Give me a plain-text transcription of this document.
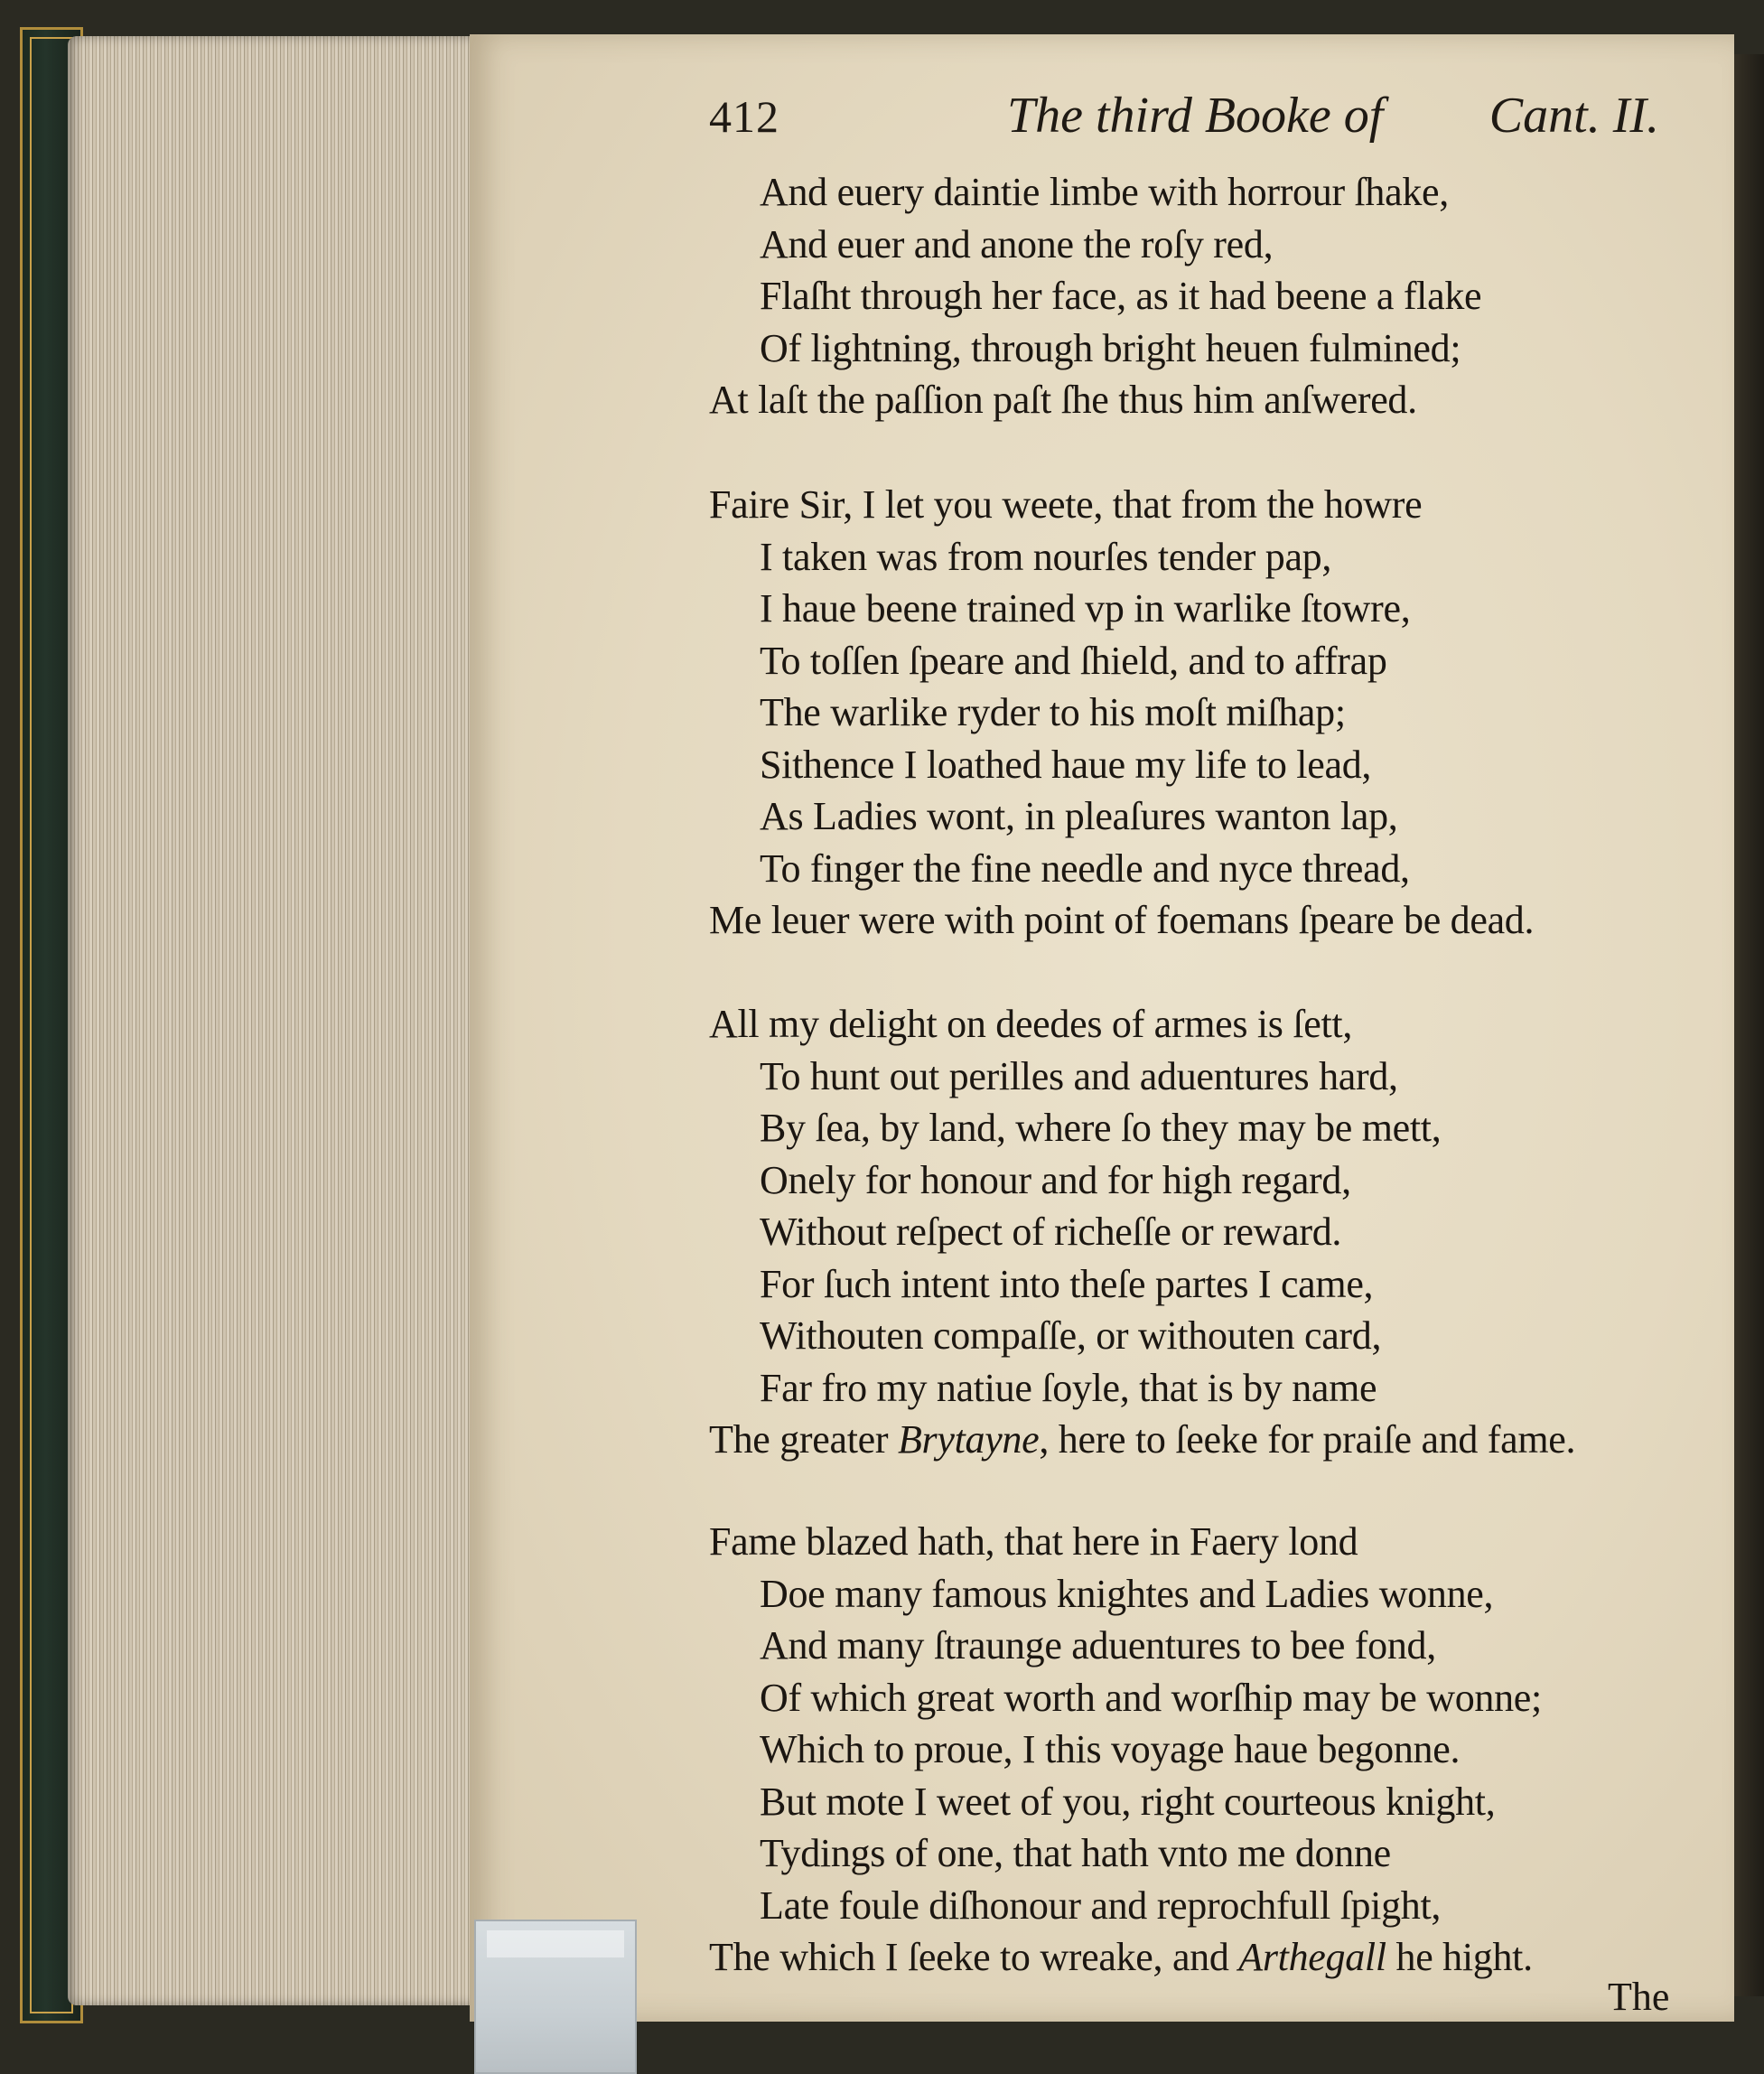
412	The third Booke of Cant. II.
And euery daintie limbe with horrour ſhake,
And euer and anone the roſy red,
Flaſht through her face, as it had beene a flake
Of lightning, through bright heuen fulmined;
At laſt the paſſion paſt ſhe thus him anſwered.
Faire Sir, I let you weete, that from the howre
I taken was from nourſes tender pap,
I haue beene trained vp in warlike ſtowre,
To toſſen ſpeare and ſhield, and to affrap
The warlike ryder to his moſt miſhap;
Sithence I loathed haue my life to lead,
As Ladies wont, in pleaſures wanton lap,
To finger the fine needle and nyce thread,
Me leuer were with point of foemans ſpeare be dead.
All my delight on deedes of armes is ſett,
To hunt out perilles and aduentures hard,
By ſea, by land, where ſo they may be mett,
Onely for honour and for high regard,
Without reſpect of richeſſe or reward.
For ſuch intent into theſe partes I came,
Withouten compaſſe, or withouten card,
Far fro my natiue ſoyle, that is by name
The greater Brytayne, here to ſeeke for praiſe and fame.
Fame blazed hath, that here in Faery lond
Doe many famous knightes and Ladies wonne,
And many ſtraunge aduentures to bee fond,
Of which great worth and worſhip may be wonne;
Which to proue, I this voyage haue begonne.
But mote I weet of you, right courteous knight,
Tydings of one, that hath vnto me donne
Late foule diſhonour and reprochfull ſpight,
The which I ſeeke to wreake, and Arthegall he hight.
The
